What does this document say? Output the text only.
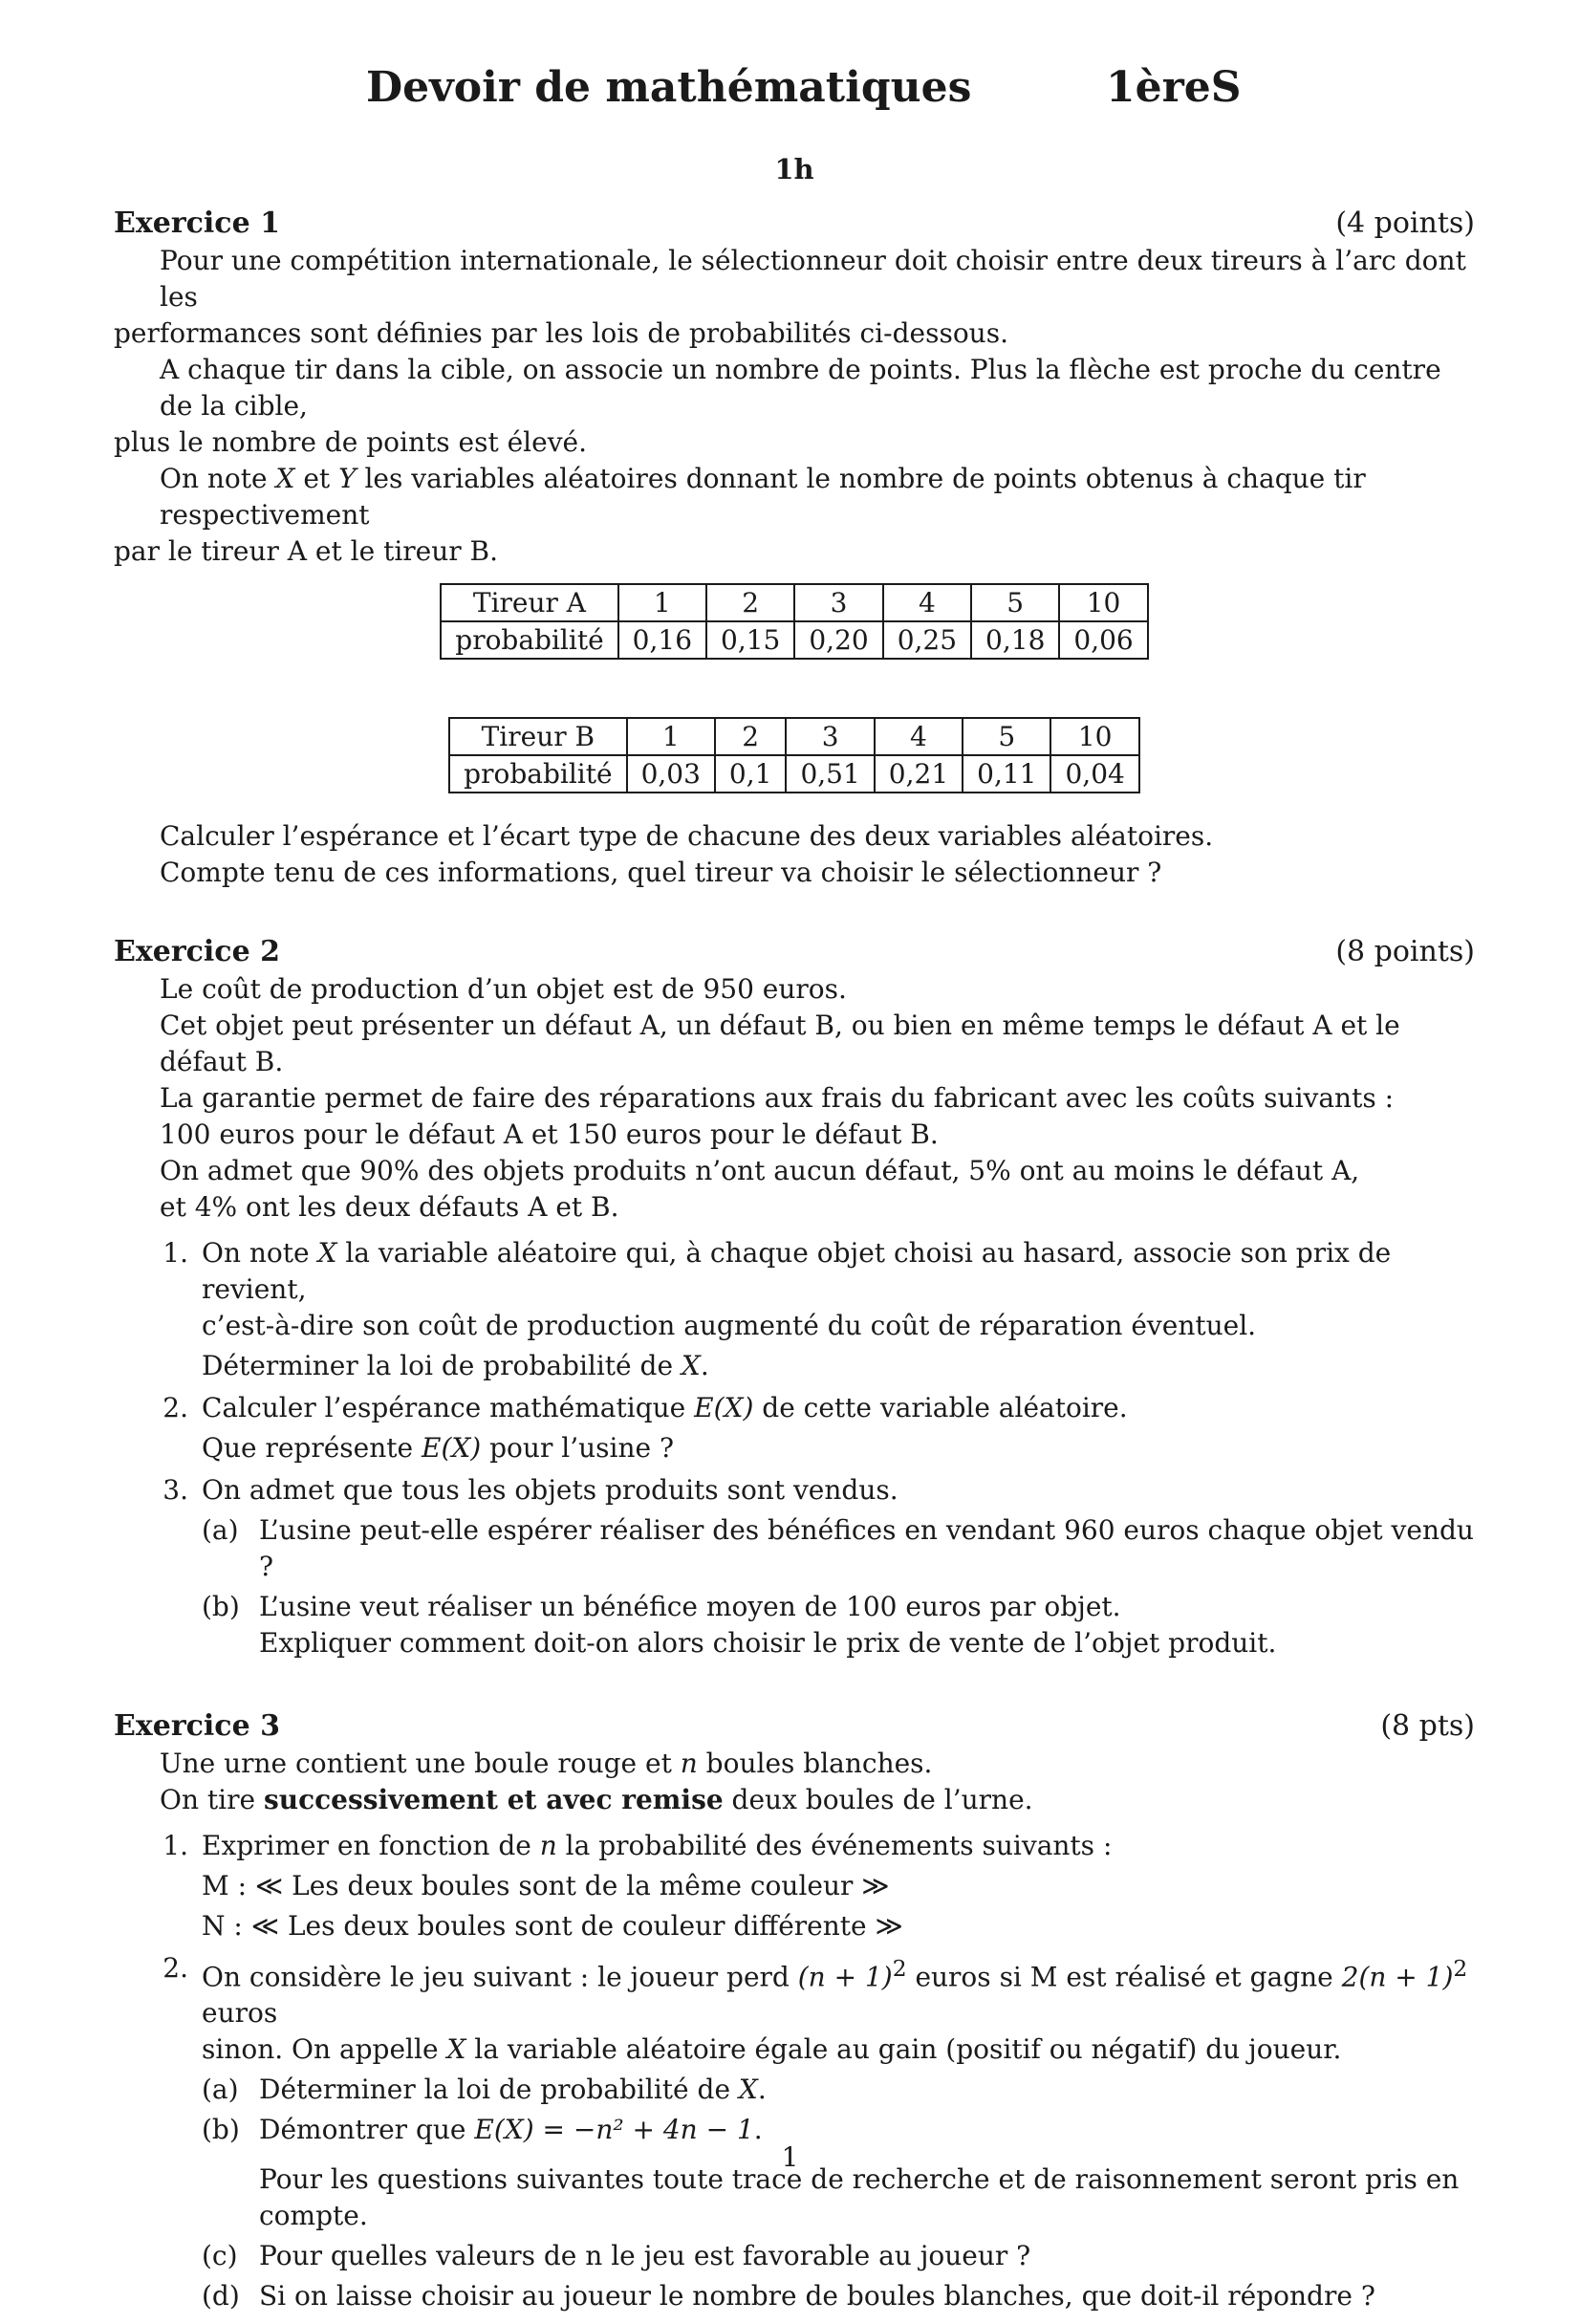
Devoir de mathématiques	1èreS
1h
Exercice 1	(4 points)

Pour une compétition internationale, le sélectionneur doit choisir entre deux tireurs à l’arc dont les

performances sont définies par les lois de probabilités ci-dessous.

A chaque tir dans la cible, on associe un nombre de points. Plus la flèche est proche du centre de la cible,

plus le nombre de points est élevé.

On note X et Y les variables aléatoires donnant le nombre de points obtenus à chaque tir respectivement

par le tireur A et le tireur B.

Tireur A	1	2	3	4	5	10
probabilité	0,16	0,15	0,20	0,25	0,18	0,06
Tireur B	1	2	3	4	5	10
probabilité	0,03	0,1	0,51	0,21	0,11	0,04

Calculer l’espérance et l’écart type de chacune des deux variables aléatoires.

Compte tenu de ces informations, quel tireur va choisir le sélectionneur ?

Exercice 2	(8 points)

Le coût de production d’un objet est de 950 euros.

Cet objet peut présenter un défaut A, un défaut B, ou bien en même temps le défaut A et le défaut B.

La garantie permet de faire des réparations aux frais du fabricant avec les coûts suivants :

100 euros pour le défaut A et 150 euros pour le défaut B.

On admet que 90% des objets produits n’ont aucun défaut, 5% ont au moins le défaut A,

et 4% ont les deux défauts A et B.

1. On note X la variable aléatoire qui, à chaque objet choisi au hasard, associe son prix de revient,
c’est-à-dire son coût de production augmenté du coût de réparation éventuel.
Déterminer la loi de probabilité de X.
2. Calculer l’espérance mathématique E(X) de cette variable aléatoire.
Que représente E(X) pour l’usine ?
3. On admet que tous les objets produits sont vendus.
(a) L’usine peut-elle espérer réaliser des bénéfices en vendant 960 euros chaque objet vendu ?
(b) L’usine veut réaliser un bénéfice moyen de 100 euros par objet.
Expliquer comment doit-on alors choisir le prix de vente de l’objet produit.
Exercice 3	(8 pts)

Une urne contient une boule rouge et n boules blanches.

On tire successivement et avec remise deux boules de l’urne.

1. Exprimer en fonction de n la probabilité des événements suivants :
M : ≪ Les deux boules sont de la même couleur ≫
N : ≪ Les deux boules sont de couleur différente ≫
2. On considère le jeu suivant : le joueur perd $(n + 1)^2$ euros si M est réalisé et gagne $2(n + 1)^2$ euros
sinon. On appelle X la variable aléatoire égale au gain (positif ou négatif) du joueur.
(a) Déterminer la loi de probabilité de X.
(b) Démontrer que E(X) = −n² + 4n − 1.
Pour les questions suivantes toute trace de recherche et de raisonnement seront pris en compte.
(c) Pour quelles valeurs de n le jeu est favorable au joueur ?
(d) Si on laisse choisir au joueur le nombre de boules blanches, que doit-il répondre ?
1
